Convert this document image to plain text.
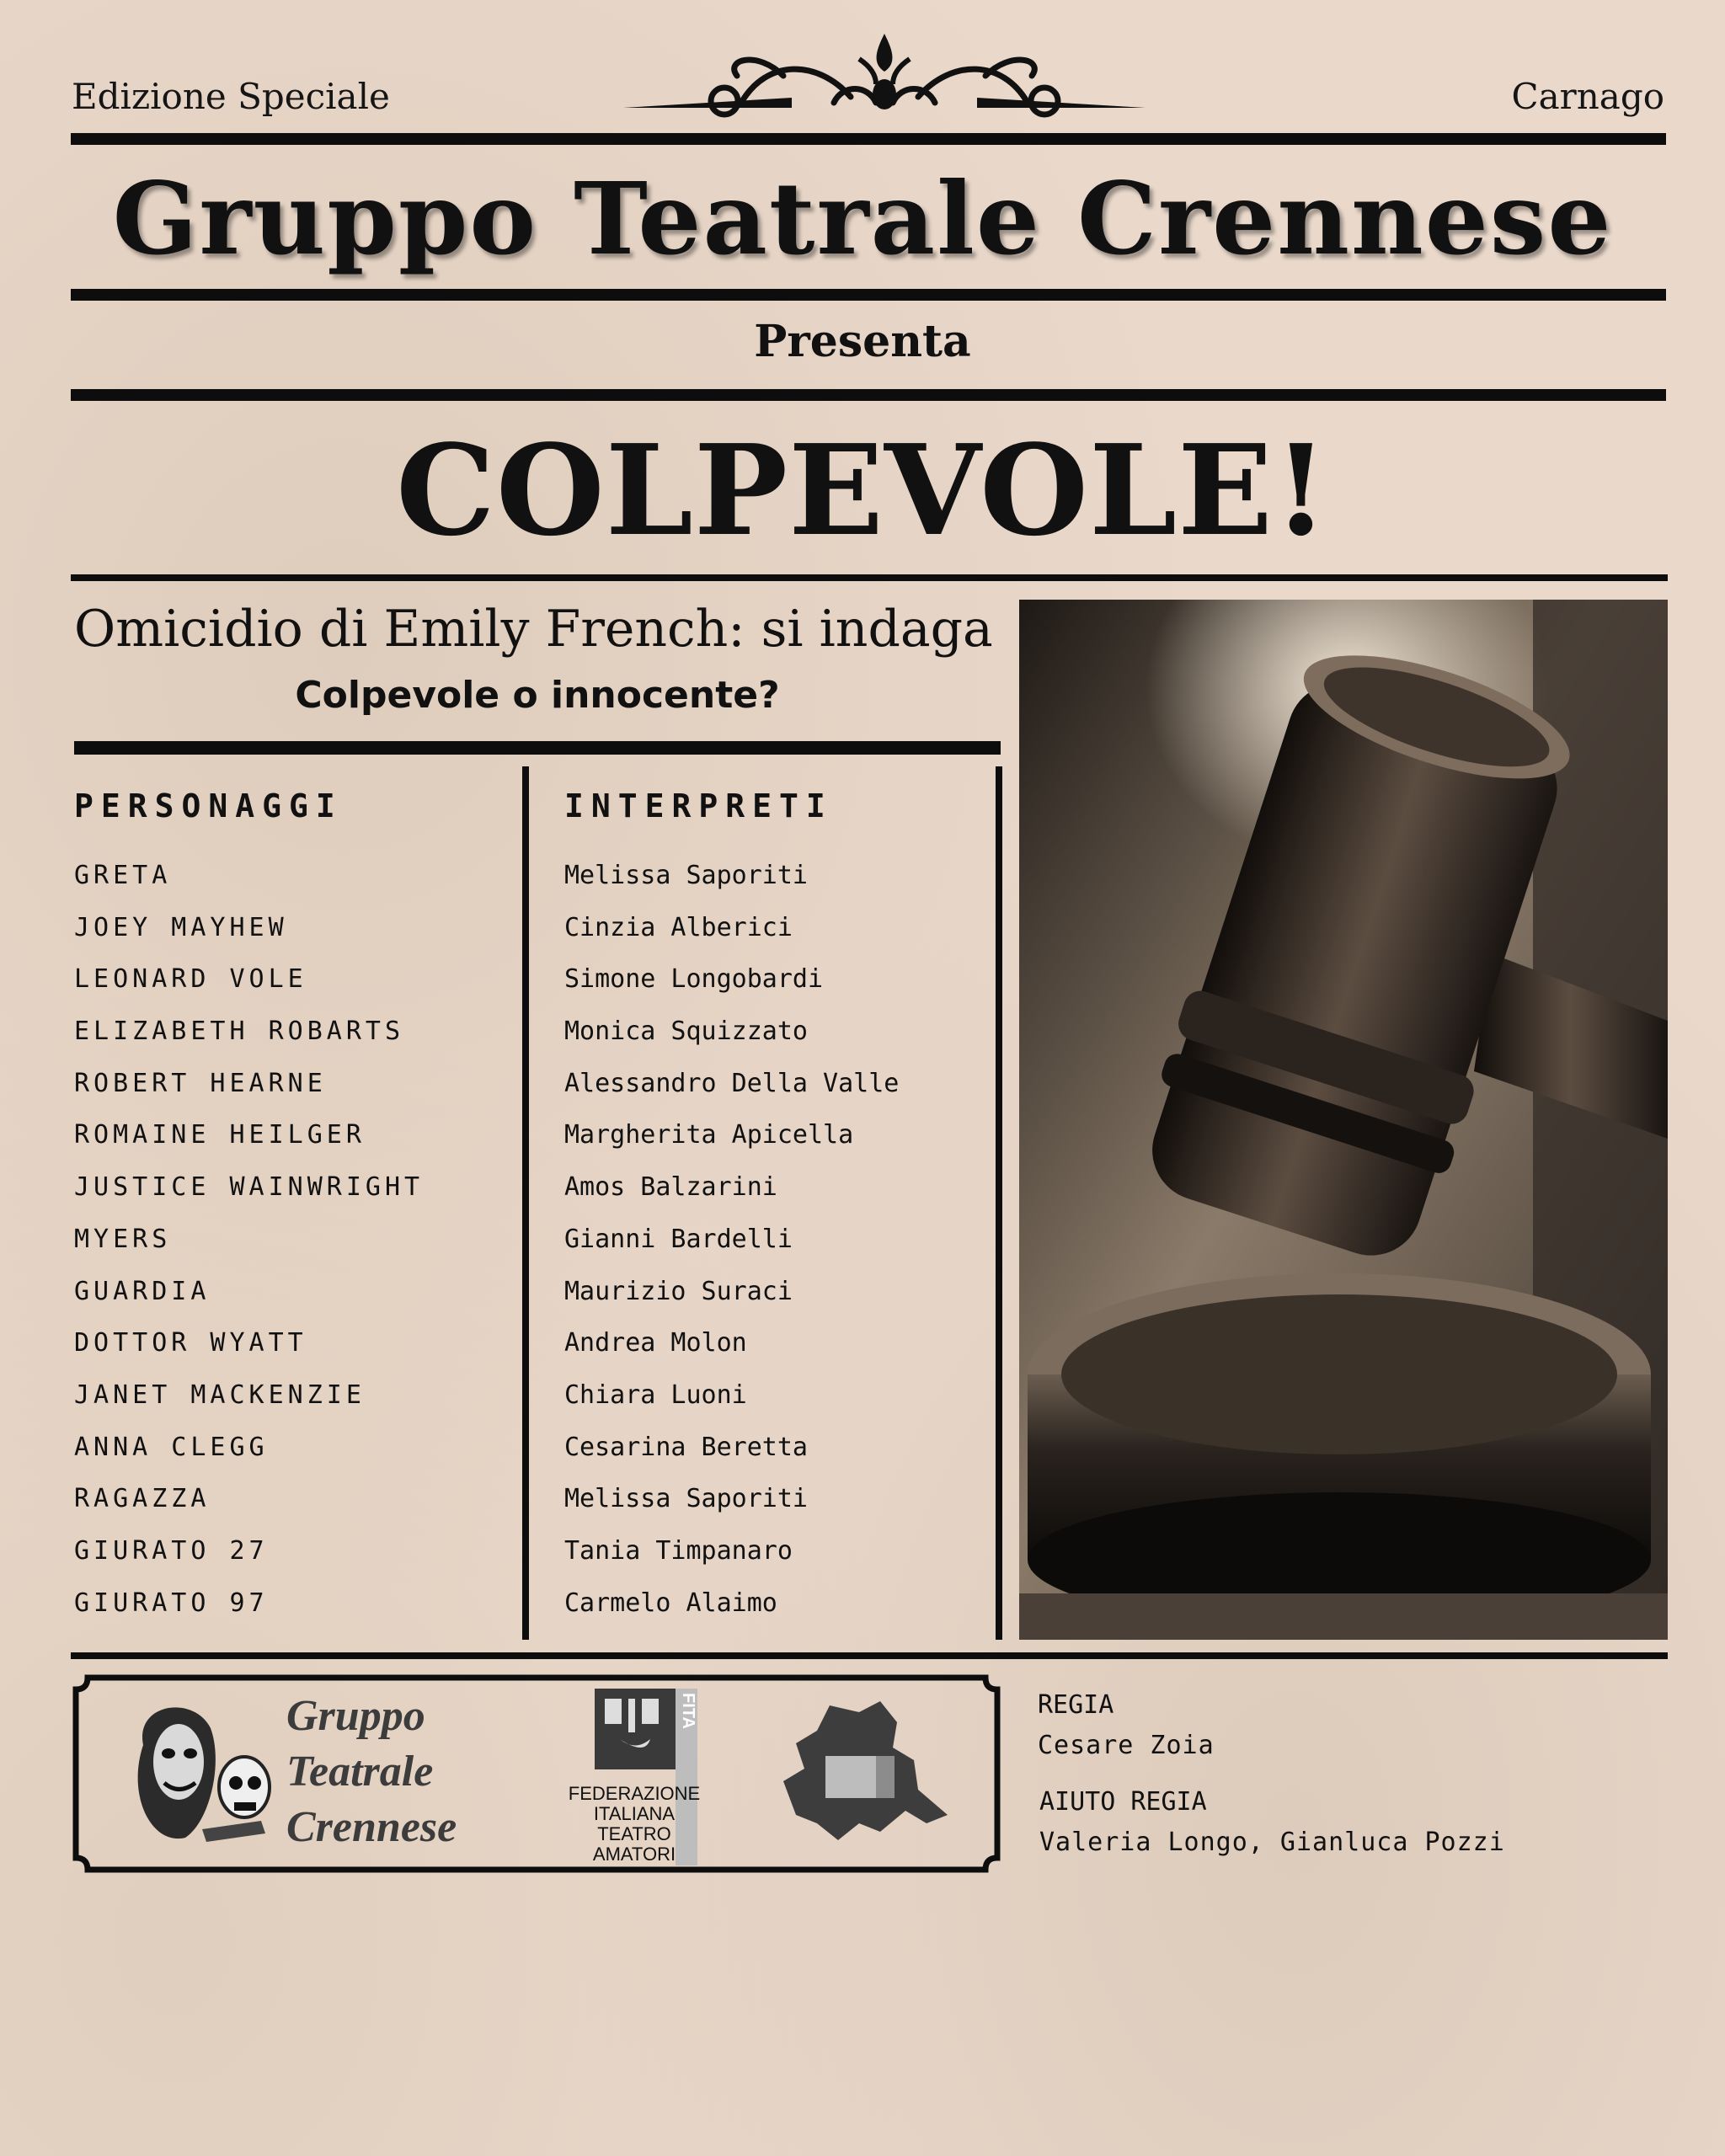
Edizione Speciale	Carnago
Gruppo Teatrale Crennese
Presenta
COLPEVOLE!
Omicidio di Emily French: si indaga
Colpevole o innocente?
PERSONAGGI	INTERPRETI
GRETA
JOEY MAYHEW
LEONARD VOLE
ELIZABETH ROBARTS
ROBERT HEARNE
ROMAINE HEILGER
JUSTICE WAINWRIGHT
MYERS
GUARDIA
DOTTOR WYATT
JANET MACKENZIE
ANNA CLEGG
RAGAZZA
GIURATO 27
GIURATO 97
Melissa Saporiti
Cinzia Alberici
Simone Longobardi
Monica Squizzato
Alessandro Della Valle
Margherita Apicella
Amos Balzarini
Gianni Bardelli
Maurizio Suraci
Andrea Molon
Chiara Luoni
Cesarina Beretta
Melissa Saporiti
Tania Timpanaro
Carmelo Alaimo
Gruppo
Teatrale
Crennese
FITA
FEDERAZIONE
ITALIANA
TEATRO
AMATORI
REGIA
Cesare Zoia
AIUTO REGIA
Valeria Longo, Gianluca Pozzi
